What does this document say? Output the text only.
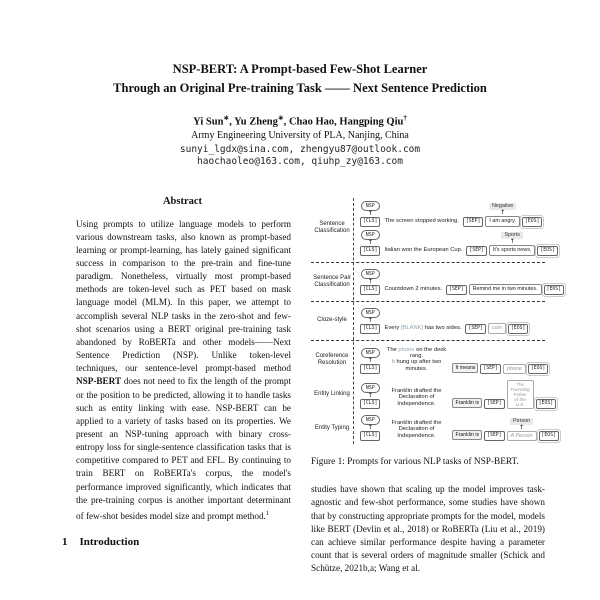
NSP-BERT: A Prompt-based Few-Shot Learner
Through an Original Pre-training Task —— Next Sentence Prediction
Yi Sun∗, Yu Zheng∗, Chao Hao, Hangping Qiu†
Army Engineering University of PLA, Nanjing, China
sunyi_lgdx@sina.com, zhengyu87@outlook.com
haochaoleo@163.com, qiuhp_zy@163.com
Abstract
Using prompts to utilize language models to perform various downstream tasks, also known as prompt-based learning or prompt-learning, has lately gained significant success in comparison to the pre-train and fine-tune paradigm. Nonetheless, virtually most prompt-based methods are token-level such as PET based on mask language model (MLM). In this paper, we attempt to accomplish several NLP tasks in the zero-shot and few-shot scenarios using a BERT original pre-training task abandoned by RoBERTa and other models——Next Sentence Prediction (NSP). Unlike token-level techniques, our sentence-level prompt-based method NSP-BERT does not need to fix the length of the prompt or the position to be predicted, allowing it to handle tasks such as entity linking with ease. NSP-BERT can be applied to a variety of tasks based on its properties. We present an NSP-tuning approach with binary cross-entropy loss for single-sentence classification tasks that is competitive compared to PET and EFL. By continuing to train BERT on RoBERTa's corpus, the model's performance improved significantly, which indicates that the pre-training corpus is another important determinant of few-shot besides model size and prompt method.$^1$
1 Introduction
Sentence Classification
NSP
↑
[CLS]	The screen stopped working.	[SEP]
Negative
↑
I am angry.	[EOS]
NSP
↑
[CLS]	Italian won the European Cup.	[SEP]
Sports
↑
It's sports news.	[EOS]
Sentence Pair Classification
NSP
↑
[CLS]	Countdown 2 minutes.	[SEP]	Remind me in two minutes.	[EOS]
Cloze-style
NSP
↑
[CLS]	Every [BLANK] has two sides.	[SEP]	coin	[EOS]
Coreference Resolution
NSP
↑
[CLS]
The phone on the desk rang.
It hung up after two minutes.	It means	[SEP]	phone	[EOS]
Entity Linking
NSP
↑
[CLS]
Franklin drafted the
Declaration of Independence.	Franklin is	[SEP]
The Founding Father
of the U.S.	[EOS]
Entity Typing
NSP
↑
[CLS]
Franklin drafted the
Declaration of Independence.	Franklin is	[SEP]
Person
↑
A Person	[EOS]
Figure 1: Prompts for various NLP tasks of NSP-BERT.
studies have shown that scaling up the model improves task-agnostic and few-shot performance, some studies have shown that by constructing appropriate prompts for the model, models like BERT (Devlin et al., 2018) or RoBERTa (Liu et al., 2019) can achieve similar performance despite having a parameter count that is several orders of magnitude smaller (Schick and Schütze, 2021b,a; Wang et al.
